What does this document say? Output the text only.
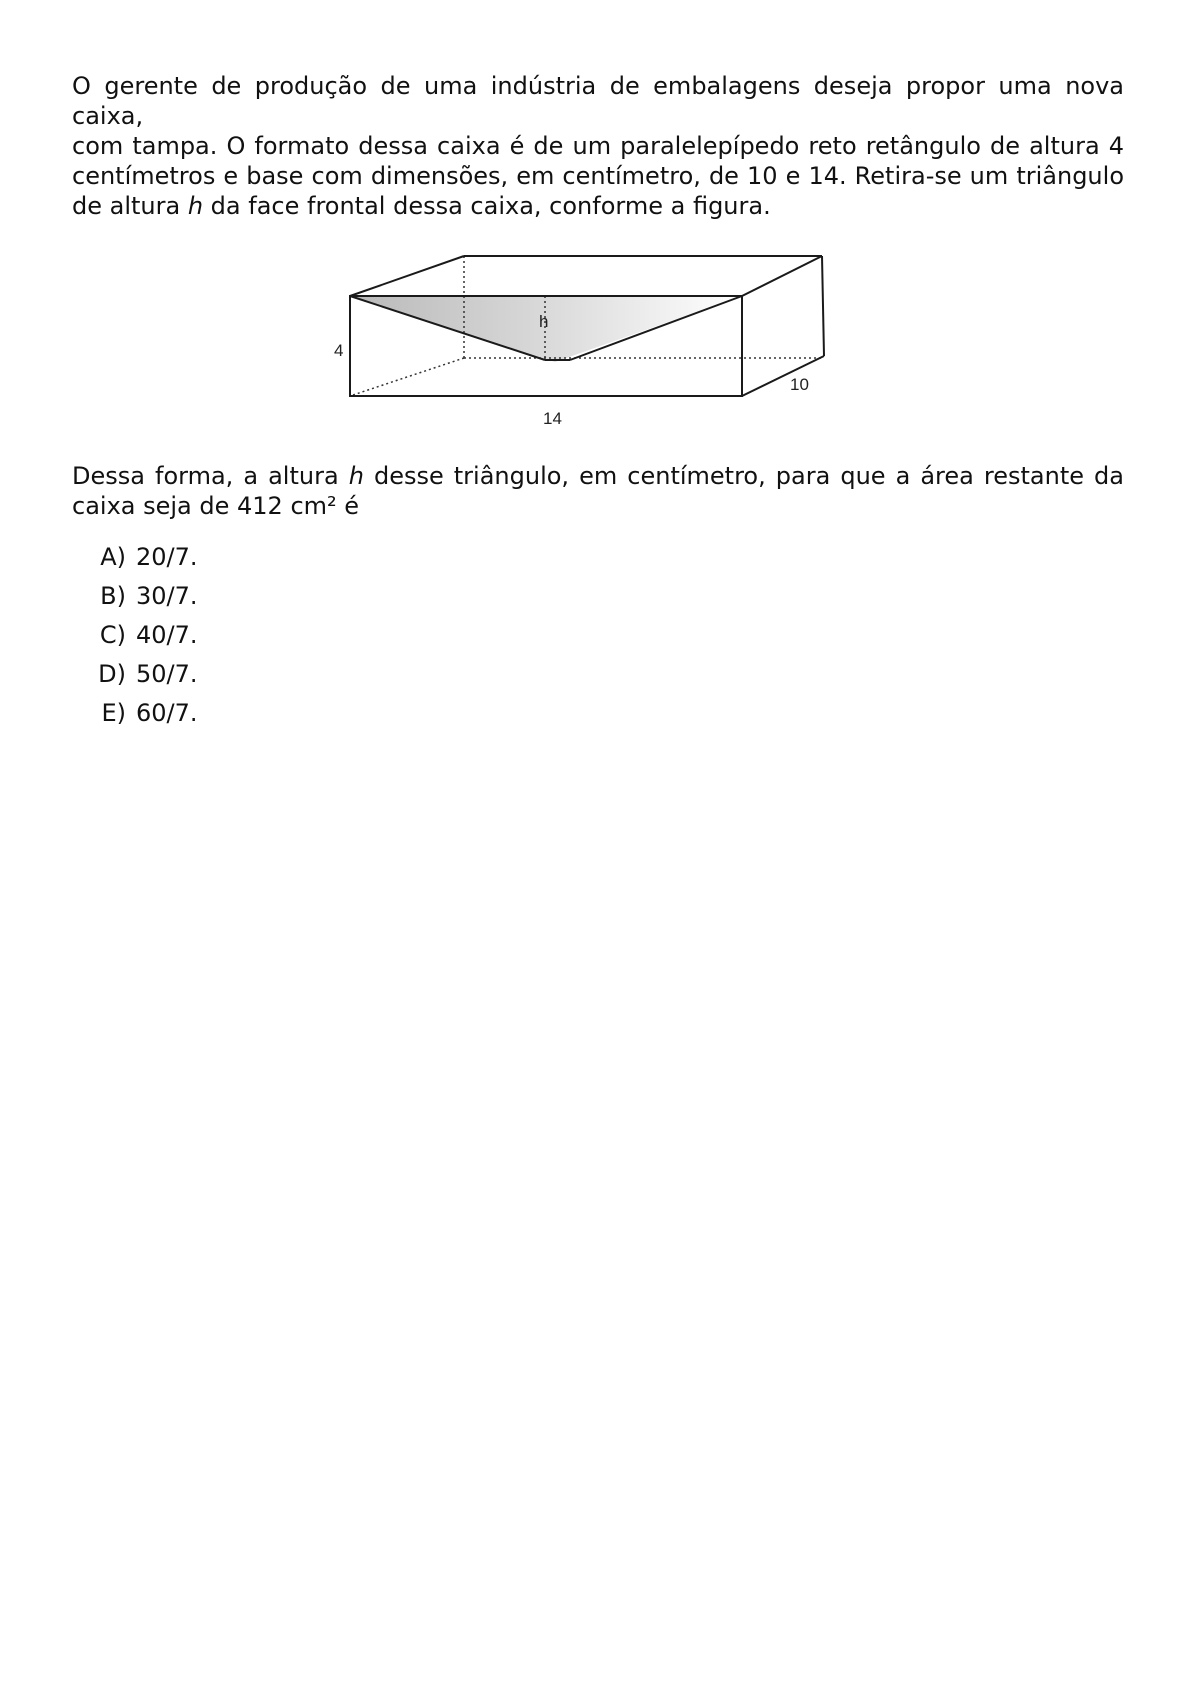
O gerente de produção de uma indústria de embalagens deseja propor uma nova caixa,
com tampa. O formato dessa caixa é de um paralelepípedo reto retângulo de altura 4
centímetros e base com dimensões, em centímetro, de 10 e 14. Retira-se um triângulo
de altura h da face frontal dessa caixa, conforme a figura.

4
14
10
h

Dessa forma, a altura h desse triângulo, em centímetro, para que a área restante da
caixa seja de 412 cm² é

A) 20/7.
B) 30/7.
C) 40/7.
D) 50/7.
E) 60/7.
